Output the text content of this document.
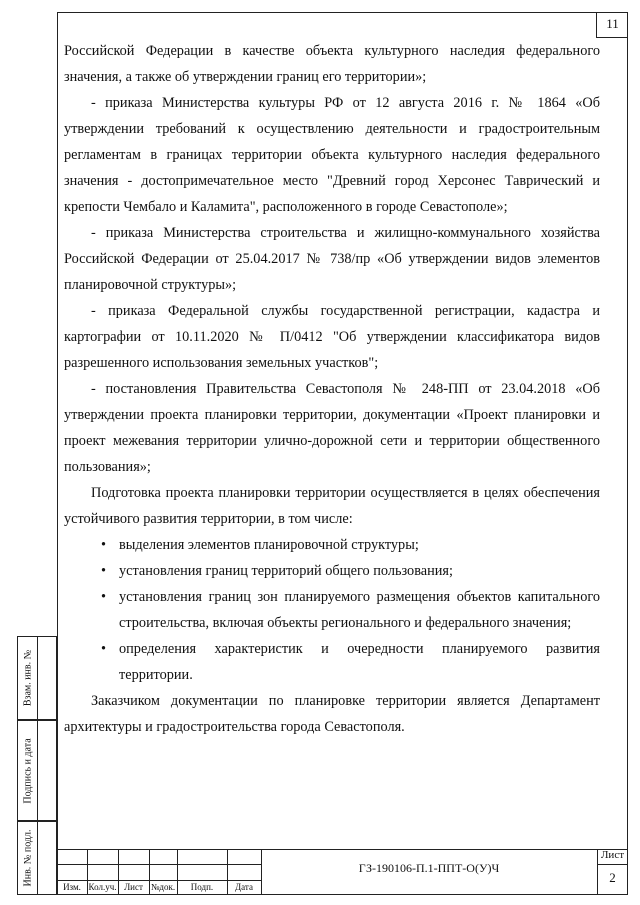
11

Российской Федерации в качестве объекта культурного наследия федерального значения, а также об утверждении границ его территории»;

- приказа Министерства культуры РФ от 12 августа 2016 г. № 1864 «Об утверждении требований к осуществлению деятельности и градостроительным регламентам в границах территории объекта культурного наследия федерального значения - достопримечательное место "Древний город Херсонес Таврический и крепости Чембало и Каламита", расположенного в городе Севастополе»;

- приказа Министерства строительства и жилищно-коммунального хозяйства Российской Федерации от 25.04.2017 № 738/пр «Об утверждении видов элементов планировочной структуры»;

- приказа Федеральной службы государственной регистрации, кадастра и картографии от 10.11.2020 № П/0412 "Об утверждении классификатора видов разрешенного использования земельных участков";

- постановления Правительства Севастополя № 248-ПП от 23.04.2018 «Об утверждении проекта планировки территории, документации «Проект планировки и проект межевания территории улично-дорожной сети и территории общественного пользования»;

Подготовка проекта планировки территории осуществляется в целях обеспечения устойчивого развития территории, в том числе:

• выделения элементов планировочной структуры;
• установления границ территорий общего пользования;
• установления границ зон планируемого размещения объектов капитального строительства, включая объекты регионального и федерального значения;
• определения характеристик и очередности планируемого развития территории.

Заказчиком документации по планировке территории является Департамент архитектуры и градостроительства города Севастополя.

Взам. инв. №
Подпись и дата
Инв. № подл.
Изм. Кол.уч. Лист №док.	Подп.	Дата
ГЗ-190106-П.1-ППТ-О(У)Ч
Лист
2
